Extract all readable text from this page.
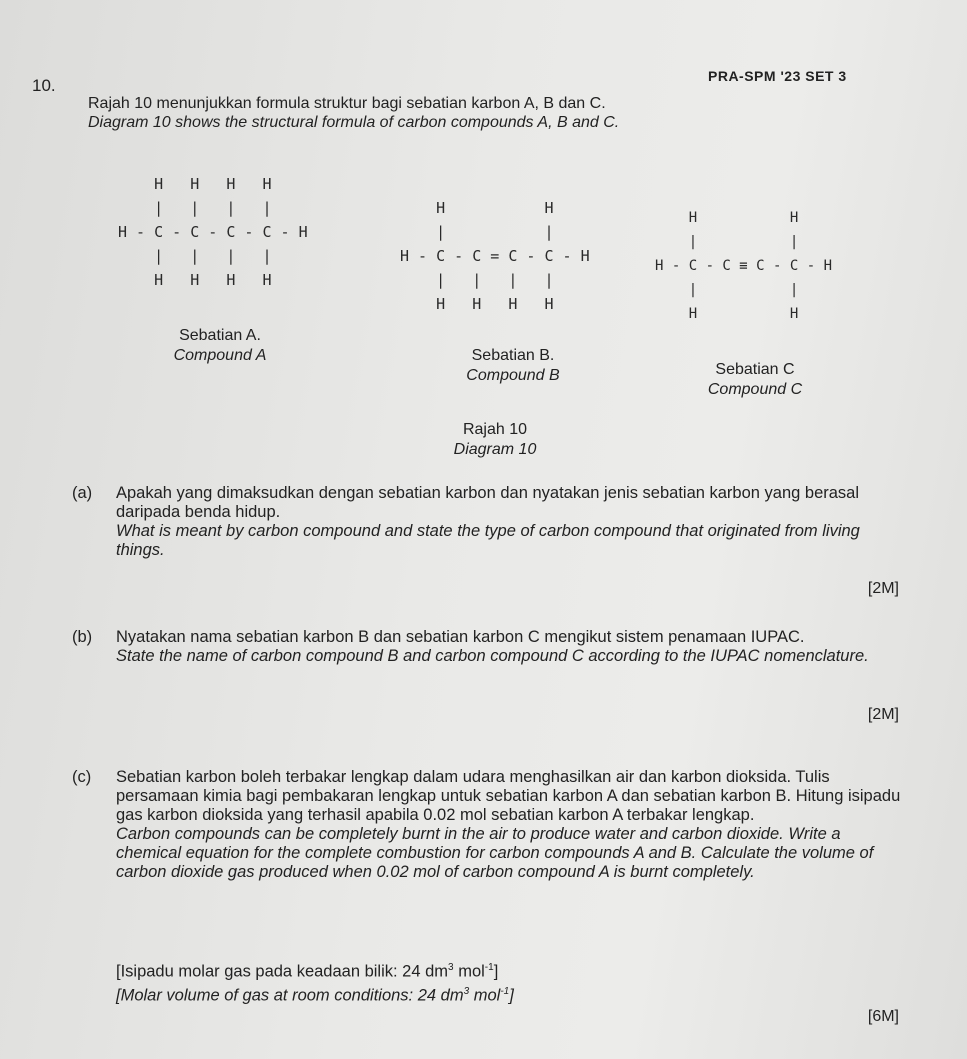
PRA-SPM '23 SET 3
10.
Rajah 10 menunjukkan formula struktur bagi sebatian karbon A, B dan C.
Diagram 10 shows the structural formula of carbon compounds A, B and C.
H   H   H   H
|   |   |   |
H - C - C - C - C - H
|   |   |   |
H   H   H   H
Sebatian A.
Compound A
H           H
|           |
H - C - C = C - C - H
|   |   |   |
H   H   H   H
Sebatian B.
Compound B
H           H
|           |
H - C - C ≡ C - C - H
|           |
H           H
Sebatian C
Compound C
Rajah 10
Diagram 10
(a) Apakah yang dimaksudkan dengan sebatian karbon dan nyatakan jenis sebatian karbon yang berasal daripada benda hidup.
What is meant by carbon compound and state the type of carbon compound that originated from living things.
[2M]
(b) Nyatakan nama sebatian karbon B dan sebatian karbon C mengikut sistem penamaan IUPAC.
State the name of carbon compound B and carbon compound C according to the IUPAC nomenclature.
[2M]
(c) Sebatian karbon boleh terbakar lengkap dalam udara menghasilkan air dan karbon dioksida. Tulis persamaan kimia bagi pembakaran lengkap untuk sebatian karbon A dan sebatian karbon B. Hitung isipadu gas karbon dioksida yang terhasil apabila 0.02 mol sebatian karbon A terbakar lengkap.
Carbon compounds can be completely burnt in the air to produce water and carbon dioxide. Write a chemical equation for the complete combustion for carbon compounds A and B. Calculate the volume of carbon dioxide gas produced when 0.02 mol of carbon compound A is burnt completely.
[Isipadu molar gas pada keadaan bilik: 24 $dm^3$ mol$^{-1}$]
[Molar volume of gas at room conditions: 24 $dm^3$ mol$^{-1}$]
[6M]
